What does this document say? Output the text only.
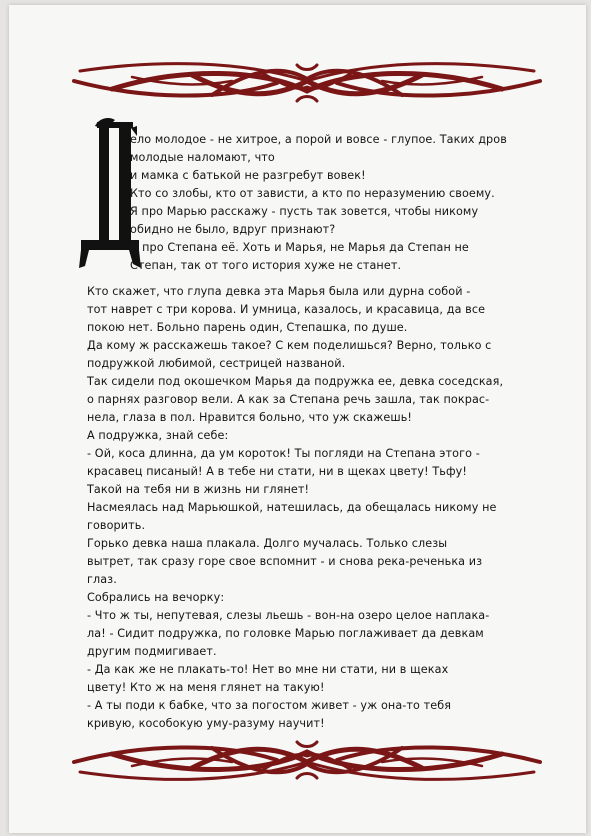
ело молодое - не хитрое, а порой и вовсе - глупое. Таких дров

молодые наломают, что

и мамка с батькой не разгребут вовек!

Кто со злобы, кто от зависти, а кто по неразумению своему.

Я про Марью расскажу - пусть так зовется, чтобы никому

обидно не было, вдруг признают?

И про Степана её. Хоть и Марья, не Марья да Степан не

Степан, так от того история хуже не станет.

Кто скажет, что глупа девка эта Марья была или дурна собой -

тот наврет с три корова. И умница, казалось, и красавица, да все

покою нет. Больно парень один, Степашка, по душе.

Да кому ж расскажешь такое? С кем поделишься? Верно, только с

подружкой любимой, сестрицей названой.

Так сидели под окошечком Марья да подружка ее, девка соседская,

о парнях разговор вели. А как за Степана речь зашла, так покрас-

нела, глаза в пол. Нравится больно, что уж скажешь!

А подружка, знай себе:

- Ой, коса длинна, да ум короток! Ты погляди на Степана этого -

красавец писаный! А в тебе ни стати, ни в щеках цвету! Тьфу!

Такой на тебя ни в жизнь ни глянет!

Насмеялась над Марьюшкой, натешилась, да обещалась никому не

говорить.

Горько девка наша плакала. Долго мучалась. Только слезы

вытрет, так сразу горе свое вспомнит - и снова река-реченька из

глаз.

Собрались на вечорку:

- Что ж ты, непутевая, слезы льешь - вон-на озеро целое наплака-

ла! - Сидит подружка, по головке Марью поглаживает да девкам

другим подмигивает.

- Да как же не плакать-то! Нет во мне ни стати, ни в щеках

цвету! Кто ж на меня глянет на такую!

- А ты поди к бабке, что за погостом живет - уж она-то тебя

кривую, кособокую уму-разуму научит!
